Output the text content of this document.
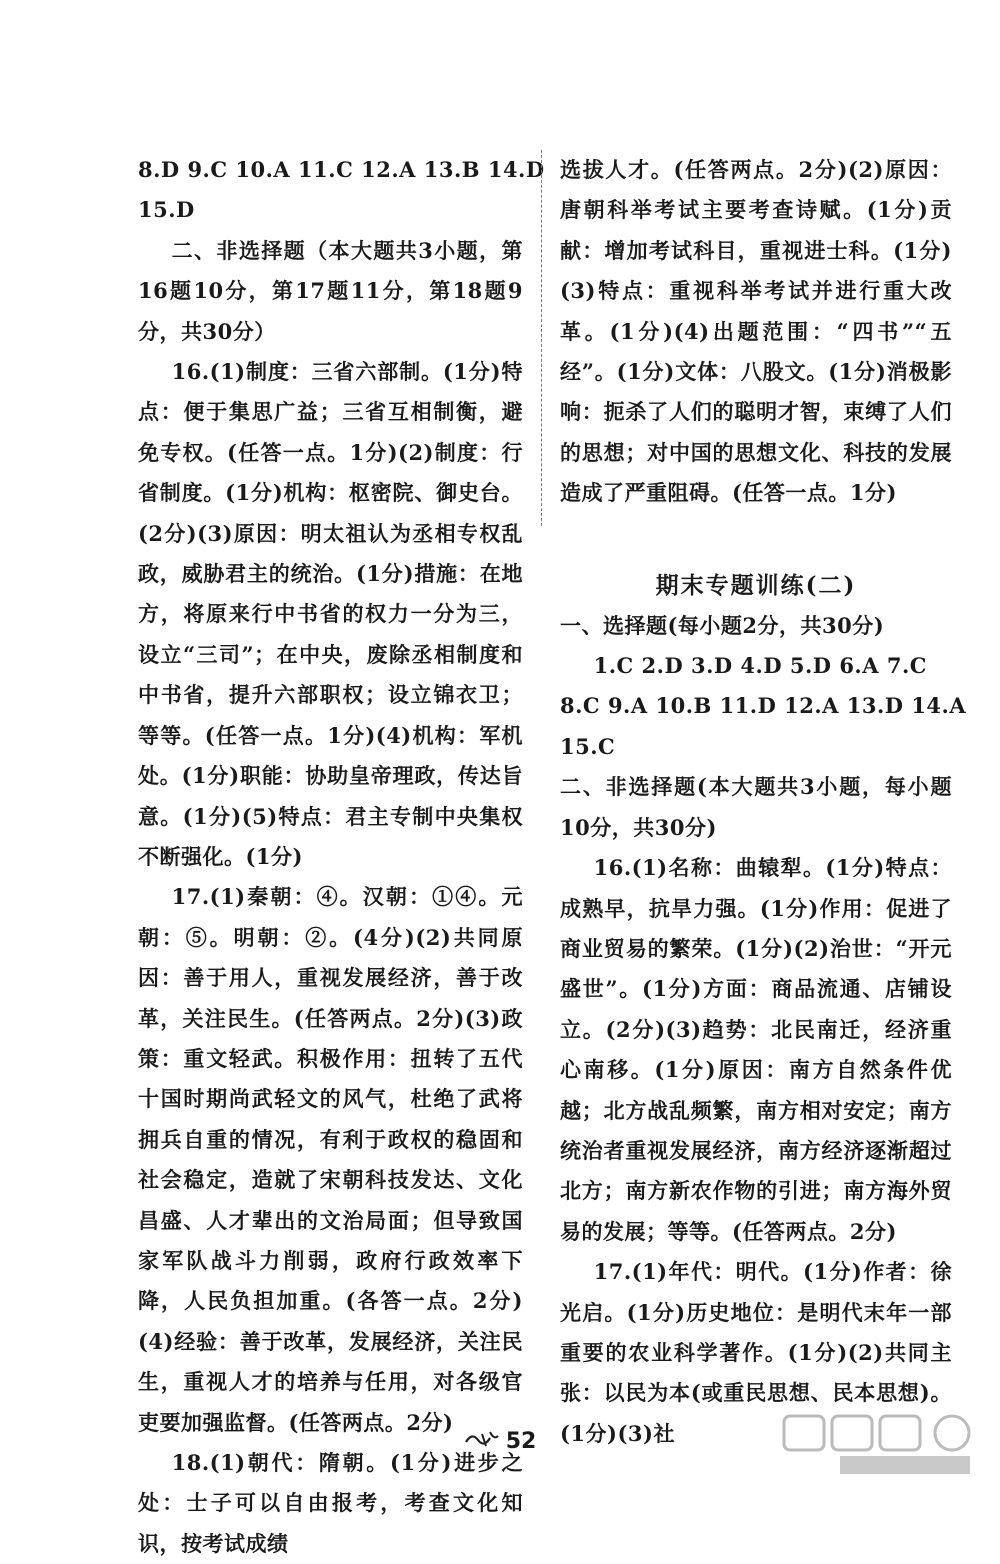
8.D 9.C 10.A 11.C 12.A 13.B 14.D

15.D

二、非选择题（本大题共3小题，第16题10分，第17题11分，第18题9分，共30分）

16.(1)制度：三省六部制。(1分)特点：便于集思广益；三省互相制衡，避免专权。(任答一点。1分)(2)制度：行省制度。(1分)机构：枢密院、御史台。(2分)(3)原因：明太祖认为丞相专权乱政，威胁君主的统治。(1分)措施：在地方，将原来行中书省的权力一分为三，设立“三司”；在中央，废除丞相制度和中书省，提升六部职权；设立锦衣卫；等等。(任答一点。1分)(4)机构：军机处。(1分)职能：协助皇帝理政，传达旨意。(1分)(5)特点：君主专制中央集权不断强化。(1分)

17.(1)秦朝：④。汉朝：①④。元朝：⑤。明朝：②。(4分)(2)共同原因：善于用人，重视发展经济，善于改革，关注民生。(任答两点。2分)(3)政策：重文轻武。积极作用：扭转了五代十国时期尚武轻文的风气，杜绝了武将拥兵自重的情况，有利于政权的稳固和社会稳定，造就了宋朝科技发达、文化昌盛、人才辈出的文治局面；但导致国家军队战斗力削弱，政府行政效率下降，人民负担加重。(各答一点。2分)(4)经验：善于改革，发展经济，关注民生，重视人才的培养与任用，对各级官吏要加强监督。(任答两点。2分)

18.(1)朝代：隋朝。(1分)进步之处：士子可以自由报考，考查文化知识，按考试成绩

选拔人才。(任答两点。2分)(2)原因：唐朝科举考试主要考查诗赋。(1分)贡献：增加考试科目，重视进士科。(1分)(3)特点：重视科举考试并进行重大改革。(1分)(4)出题范围：“四书”“五经”。(1分)文体：八股文。(1分)消极影响：扼杀了人们的聪明才智，束缚了人们的思想；对中国的思想文化、科技的发展造成了严重阻碍。(任答一点。1分)

期末专题训练(二)

一、选择题(每小题2分，共30分)

1.C 2.D 3.D 4.D 5.D 6.A 7.C

8.C 9.A 10.B 11.D 12.A 13.D 14.A

15.C

二、非选择题(本大题共3小题，每小题10分，共30分)

16.(1)名称：曲辕犁。(1分)特点：成熟早，抗旱力强。(1分)作用：促进了商业贸易的繁荣。(1分)(2)治世：“开元盛世”。(1分)方面：商品流通、店铺设立。(2分)(3)趋势：北民南迁，经济重心南移。(1分)原因：南方自然条件优越；北方战乱频繁，南方相对安定；南方统治者重视发展经济，南方经济逐渐超过北方；南方新农作物的引进；南方海外贸易的发展；等等。(任答两点。2分)

17.(1)年代：明代。(1分)作者：徐光启。(1分)历史地位：是明代末年一部重要的农业科学著作。(1分)(2)共同主张：以民为本(或重民思想、民本思想)。(1分)(3)社

52
